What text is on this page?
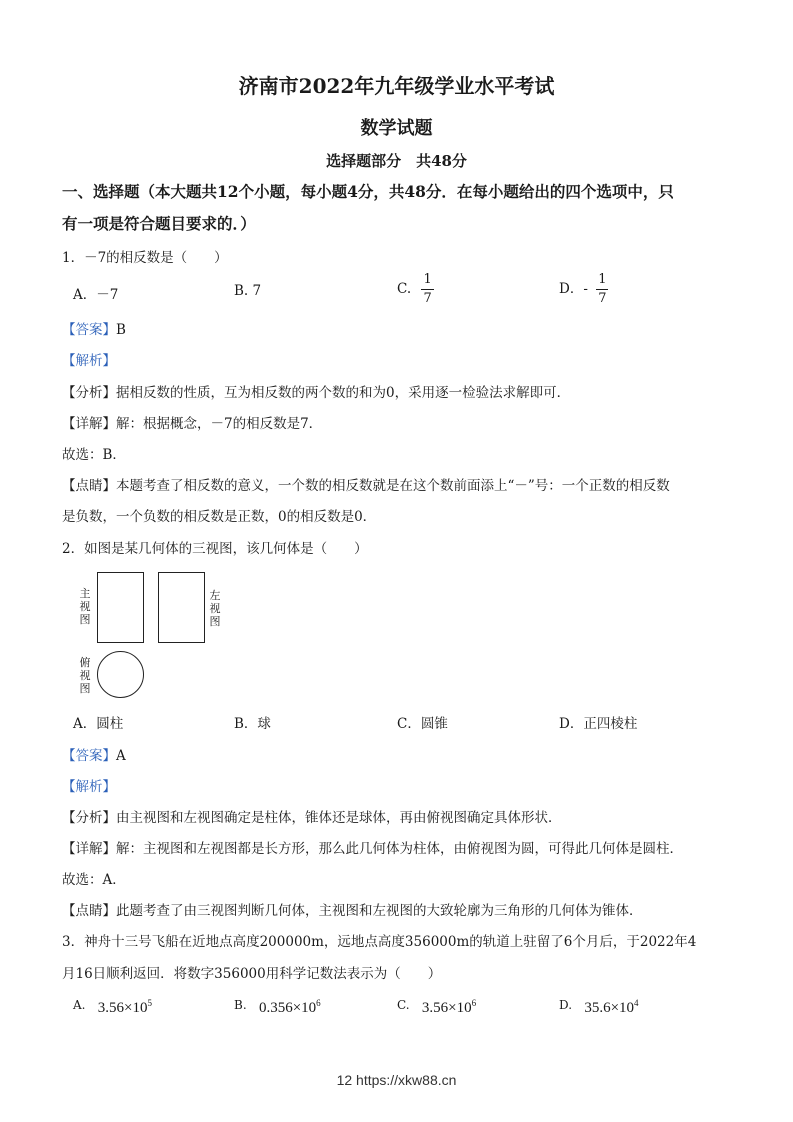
济南市2022年九年级学业水平考试
数学试题
选择题部分　共48分
一、选择题（本大题共12个小题，每小题4分，共48分．在每小题给出的四个选项中，只
有一项是符合题目要求的．）
1．－7的相反数是（　　）
A．－7	B. 7	C. $\frac{1}{7}$	D．- $\frac{1}{7}$
【答案】B
【解析】
【分析】据相反数的性质，互为相反数的两个数的和为0，采用逐一检验法求解即可．
【详解】解：根据概念，－7的相反数是7．
故选：B．
【点睛】本题考查了相反数的意义，一个数的相反数就是在这个数前面添上“－”号：一个正数的相反数
是负数，一个负数的相反数是正数，0的相反数是0．
2．如图是某几何体的三视图，该几何体是（　　）
主视图
左视图
俯视图
A．圆柱	B．球	C．圆锥	D．正四棱柱
【答案】A
【解析】
【分析】由主视图和左视图确定是柱体，锥体还是球体，再由俯视图确定具体形状．
【详解】解：主视图和左视图都是长方形，那么此几何体为柱体，由俯视图为圆，可得此几何体是圆柱．
故选：A．
【点睛】此题考查了由三视图判断几何体，主视图和左视图的大致轮廓为三角形的几何体为锥体．
3．神舟十三号飞船在近地点高度200000m，远地点高度356000m的轨道上驻留了6个月后，于2022年4
月16日顺利返回．将数字356000用科学记数法表示为（　　）
A. $3.56\times 10^5$	B. $0.356\times 10^6$	C. $3.56\times 10^6$	D. $35.6\times 10^4$
12 https://xkw88.cn
